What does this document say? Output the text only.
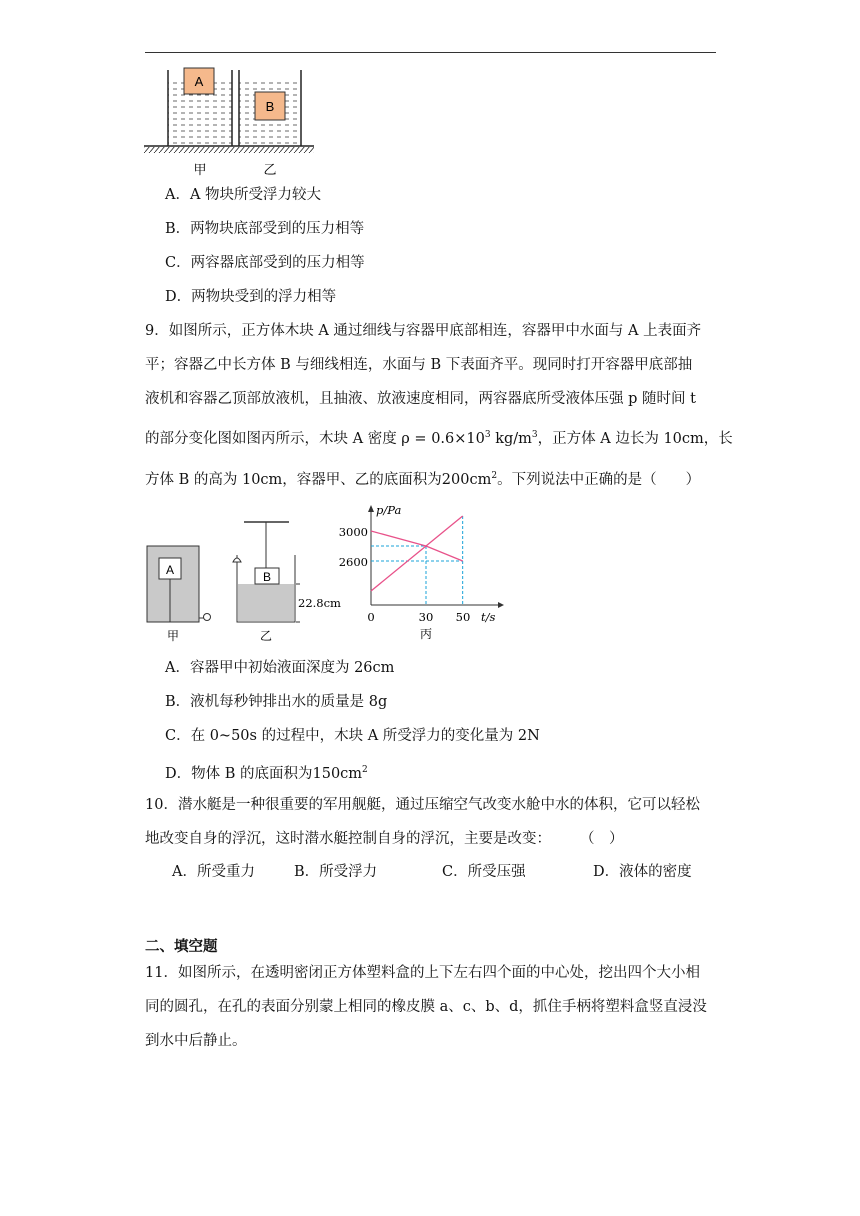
A
B
甲	乙
A．A 物块所受浮力较大
B．两物块底部受到的压力相等
C．两容器底部受到的压力相等
D．两物块受到的浮力相等
9．如图所示，正方体木块 A 通过细线与容器甲底部相连，容器甲中水面与 A 上表面齐
平；容器乙中长方体 B 与细线相连，水面与 B 下表面齐平。现同时打开容器甲底部抽
液机和容器乙顶部放液机，且抽液、放液速度相同，两容器底所受液体压强 p 随时间 t
的部分变化图如图丙所示，木块 A 密度 $\rho = 0.6\times 10^3$ $kg/m^3$，正方体 A 边长为 10cm，长
方体 B 的高为 10cm，容器甲、乙的底面积为$200cm^2$。下列说法中正确的是（　　）
A
甲
B
22.8cm
乙
p/Pa
t/s
3000
2600
0	30 50
丙
A．容器甲中初始液面深度为 26cm
B．液机每秒钟排出水的质量是 8g
C．在 0~50s 的过程中，木块 A 所受浮力的变化量为 2N
D．物体 B 的底面积为$150cm^2$
10．潜水艇是一种很重要的军用舰艇，通过压缩空气改变水舱中水的体积，它可以轻松
地改变自身的浮沉，这时潜水艇控制自身的浮沉，主要是改变：　　　（　）
A．所受重力	B．所受浮力	C．所受压强	D．液体的密度
二、填空题
11．如图所示，在透明密闭正方体塑料盒的上下左右四个面的中心处，挖出四个大小相
同的圆孔，在孔的表面分别蒙上相同的橡皮膜 a、c、b、d，抓住手柄将塑料盒竖直浸没
到水中后静止。
